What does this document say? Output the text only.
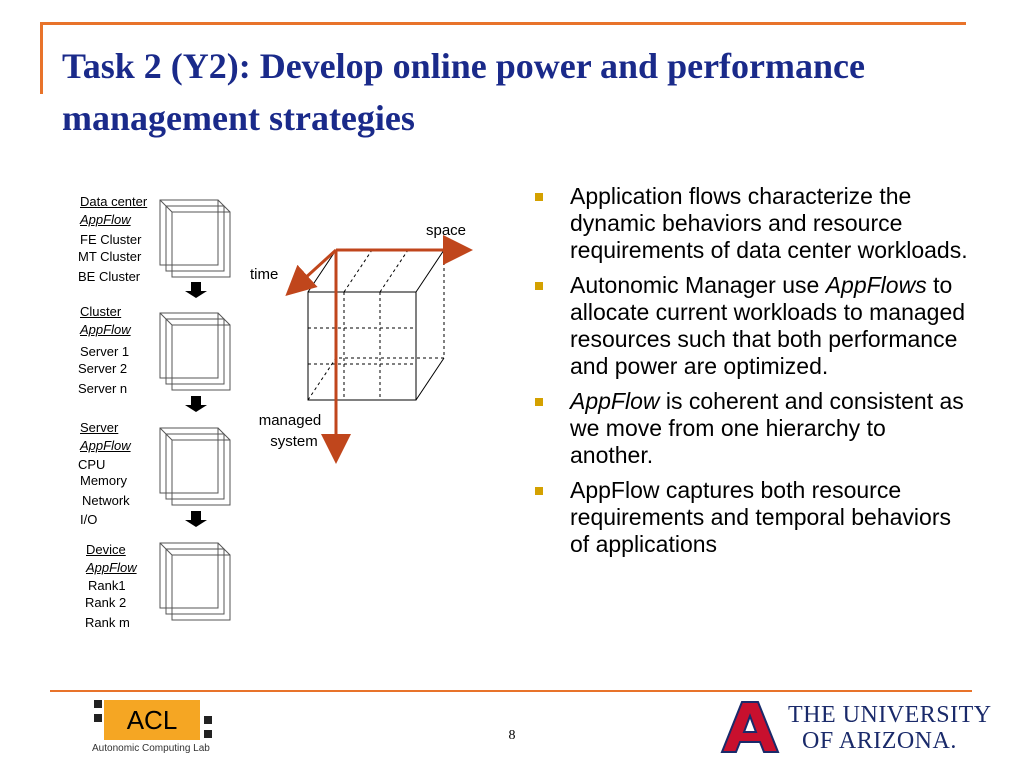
Task 2 (Y2): Develop online power and performance management strategies
Data center
AppFlow
FE Cluster
MT Cluster
BE Cluster
Cluster
AppFlow
Server 1
Server 2
Server n
Server
AppFlow
CPU
Memory
Network
I/O
Device
AppFlow
Rank1
Rank 2
Rank m
space
time
managed
system
Application flows characterize the dynamic behaviors and resource requirements of data center workloads.
Autonomic Manager use AppFlows to allocate current workloads to managed resources such that both performance and power are optimized.
AppFlow is coherent and consistent as we move from one hierarchy to another.
AppFlow captures both resource requirements and temporal behaviors of applications
ACL
Autonomic Computing Lab
8
THE UNIVERSITY
OF ARIZONA.
